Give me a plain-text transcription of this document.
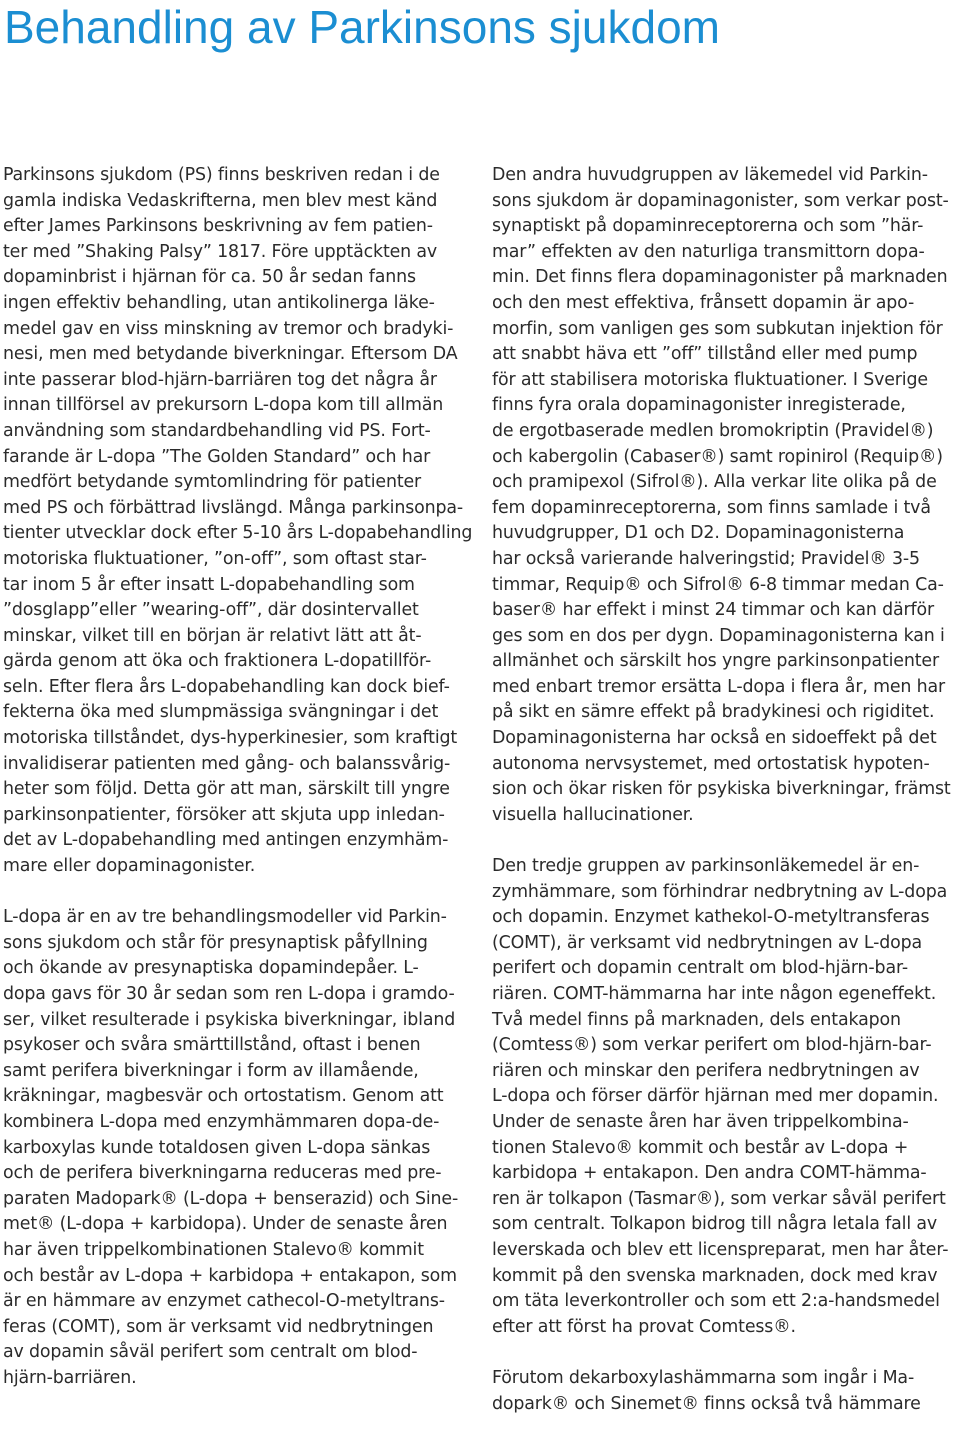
Behandling av Parkinsons sjukdom

Parkinsons sjukdom (PS) finns beskriven redan i de
gamla indiska Vedaskrifterna, men blev mest känd
efter James Parkinsons beskrivning av fem patien-
ter med ”Shaking Palsy” 1817. Före upptäckten av
dopaminbrist i hjärnan för ca. 50 år sedan fanns
ingen effektiv behandling, utan antikolinerga läke-
medel gav en viss minskning av tremor och bradyki-
nesi, men med betydande biverkningar. Eftersom DA
inte passerar blod-hjärn-barriären tog det några år
innan tillförsel av prekursorn L-dopa kom till allmän
användning som standardbehandling vid PS. Fort-
farande är L-dopa ”The Golden Standard” och har
medfört betydande symtomlindring för patienter
med PS och förbättrad livslängd. Många parkinsonpa-
tienter utvecklar dock efter 5-10 års L-dopabehandling
motoriska fluktuationer, ”on-off”, som oftast star-
tar inom 5 år efter insatt L-dopabehandling som
”dosglapp”eller ”wearing-off”, där dosintervallet
minskar, vilket till en början är relativt lätt att åt-
gärda genom att öka och fraktionera L-dopatillför-
seln. Efter flera års L-dopabehandling kan dock bief-
fekterna öka med slumpmässiga svängningar i det
motoriska tillståndet, dys-hyperkinesier, som kraftigt
invalidiserar patienten med gång- och balanssvårig-
heter som följd. Detta gör att man, särskilt till yngre
parkinsonpatienter, försöker att skjuta upp inledan-
det av L-dopabehandling med antingen enzymhäm-
mare eller dopaminagonister.

L-dopa är en av tre behandlingsmodeller vid Parkin-
sons sjukdom och står för presynaptisk påfyllning
och ökande av presynaptiska dopamindepåer. L-
dopa gavs för 30 år sedan som ren L-dopa i gramdo-
ser, vilket resulterade i psykiska biverkningar, ibland
psykoser och svåra smärttillstånd, oftast i benen
samt perifera biverkningar i form av illamående,
kräkningar, magbesvär och ortostatism. Genom att
kombinera L-dopa med enzymhämmaren dopa-de-
karboxylas kunde totaldosen given L-dopa sänkas
och de perifera biverkningarna reduceras med pre-
paraten Madopark® (L-dopa + benserazid) och Sine-
met® (L-dopa + karbidopa). Under de senaste åren
har även trippelkombinationen Stalevo® kommit
och består av L-dopa + karbidopa + entakapon, som
är en hämmare av enzymet cathecol-O-metyltrans-
feras (COMT), som är verksamt vid nedbrytningen
av dopamin såväl perifert som centralt om blod-
hjärn-barriären.

Den andra huvudgruppen av läkemedel vid Parkin-
sons sjukdom är dopaminagonister, som verkar post-
synaptiskt på dopaminreceptorerna och som ”här-
mar” effekten av den naturliga transmittorn dopa-
min. Det finns flera dopaminagonister på marknaden
och den mest effektiva, frånsett dopamin är apo-
morfin, som vanligen ges som subkutan injektion för
att snabbt häva ett ”off” tillstånd eller med pump
för att stabilisera motoriska fluktuationer. I Sverige
finns fyra orala dopaminagonister inregisterade,
de ergotbaserade medlen bromokriptin (Pravidel®)
och kabergolin (Cabaser®) samt ropinirol (Requip®)
och pramipexol (Sifrol®). Alla verkar lite olika på de
fem dopaminreceptorerna, som finns samlade i två
huvudgrupper, D1 och D2. Dopaminagonisterna
har också varierande halveringstid; Pravidel® 3-5
timmar, Requip® och Sifrol® 6-8 timmar medan Ca-
baser® har effekt i minst 24 timmar och kan därför
ges som en dos per dygn. Dopaminagonisterna kan i
allmänhet och särskilt hos yngre parkinsonpatienter
med enbart tremor ersätta L-dopa i flera år, men har
på sikt en sämre effekt på bradykinesi och rigiditet.
Dopaminagonisterna har också en sidoeffekt på det
autonoma nervsystemet, med ortostatisk hypoten-
sion och ökar risken för psykiska biverkningar, främst
visuella hallucinationer.

Den tredje gruppen av parkinsonläkemedel är en-
zymhämmare, som förhindrar nedbrytning av L-dopa
och dopamin. Enzymet kathekol-O-metyltransferas
(COMT), är verksamt vid nedbrytningen av L-dopa
perifert och dopamin centralt om blod-hjärn-bar-
riären. COMT-hämmarna har inte någon egeneffekt.
Två medel finns på marknaden, dels entakapon
(Comtess®) som verkar perifert om blod-hjärn-bar-
riären och minskar den perifera nedbrytningen av
L-dopa och förser därför hjärnan med mer dopamin.
Under de senaste åren har även trippelkombina-
tionen Stalevo® kommit och består av L-dopa +
karbidopa + entakapon. Den andra COMT-hämma-
ren är tolkapon (Tasmar®), som verkar såväl perifert
som centralt. Tolkapon bidrog till några letala fall av
leverskada och blev ett licenspreparat, men har åter-
kommit på den svenska marknaden, dock med krav
om täta leverkontroller och som ett 2:a-handsmedel
efter att först ha provat Comtess®.

Förutom dekarboxylashämmarna som ingår i Ma-
dopark® och Sinemet® finns också två hämmare
